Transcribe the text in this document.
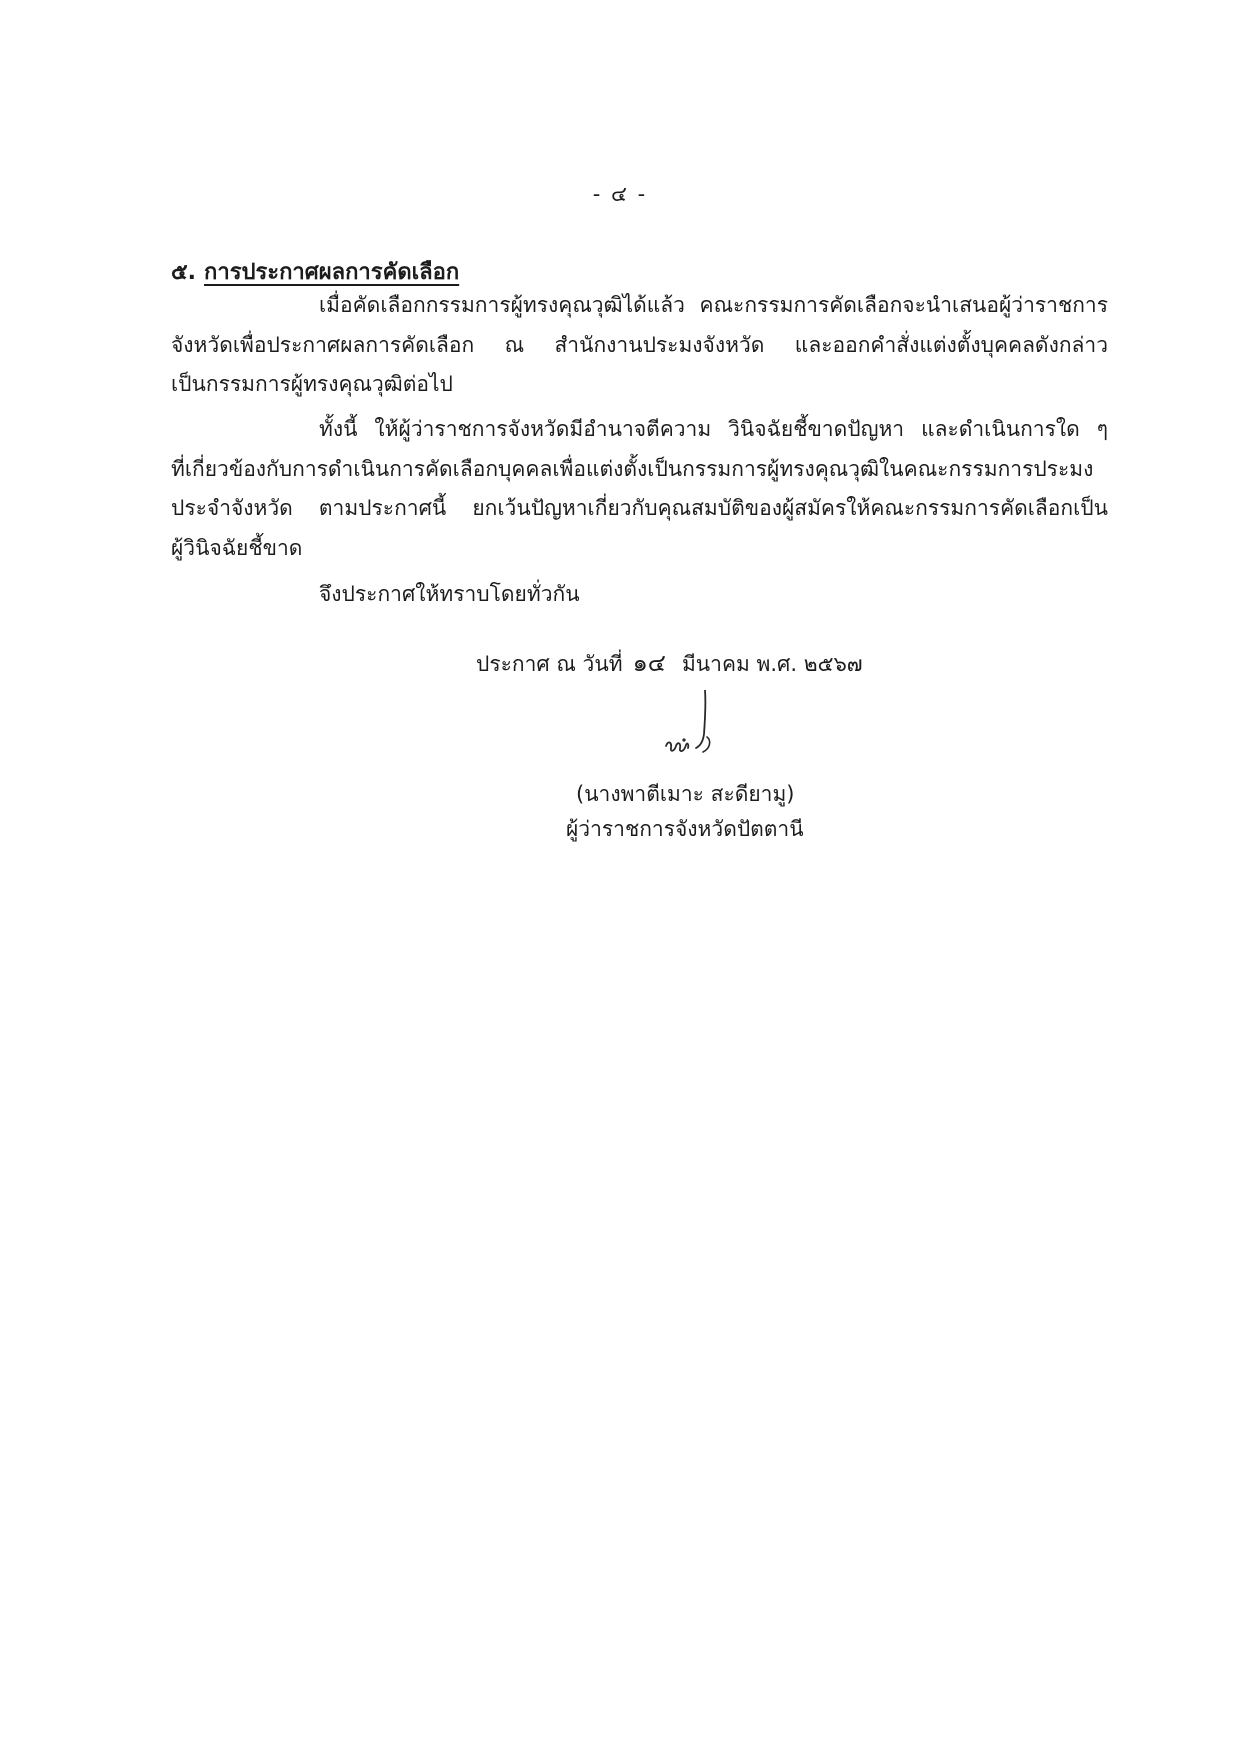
- ๔ -
๕. การประกาศผลการคัดเลือก

เมื่อคัดเลือกกรรมการผู้ทรงคุณวุฒิได้แล้ว คณะกรรมการคัดเลือกจะนำเสนอผู้ว่าราชการ

จังหวัดเพื่อประกาศผลการคัดเลือก ณ สำนักงานประมงจังหวัด และออกคำสั่งแต่งตั้งบุคคลดังกล่าว

เป็นกรรมการผู้ทรงคุณวุฒิต่อไป

ทั้งนี้ ให้ผู้ว่าราชการจังหวัดมีอำนาจตีความ วินิจฉัยชี้ขาดปัญหา และดำเนินการใด ๆ

ที่เกี่ยวข้องกับการดำเนินการคัดเลือกบุคคลเพื่อแต่งตั้งเป็นกรรมการผู้ทรงคุณวุฒิในคณะกรรมการประมง

ประจำจังหวัด ตามประกาศนี้ ยกเว้นปัญหาเกี่ยวกับคุณสมบัติของผู้สมัครให้คณะกรรมการคัดเลือกเป็น

ผู้วินิจฉัยชี้ขาด

จึงประกาศให้ทราบโดยทั่วกัน
ประกาศ ณ วันที่ ๑๔ มีนาคม พ.ศ. ๒๕๖๗
(นางพาตีเมาะ สะดียามู)
ผู้ว่าราชการจังหวัดปัตตานี
